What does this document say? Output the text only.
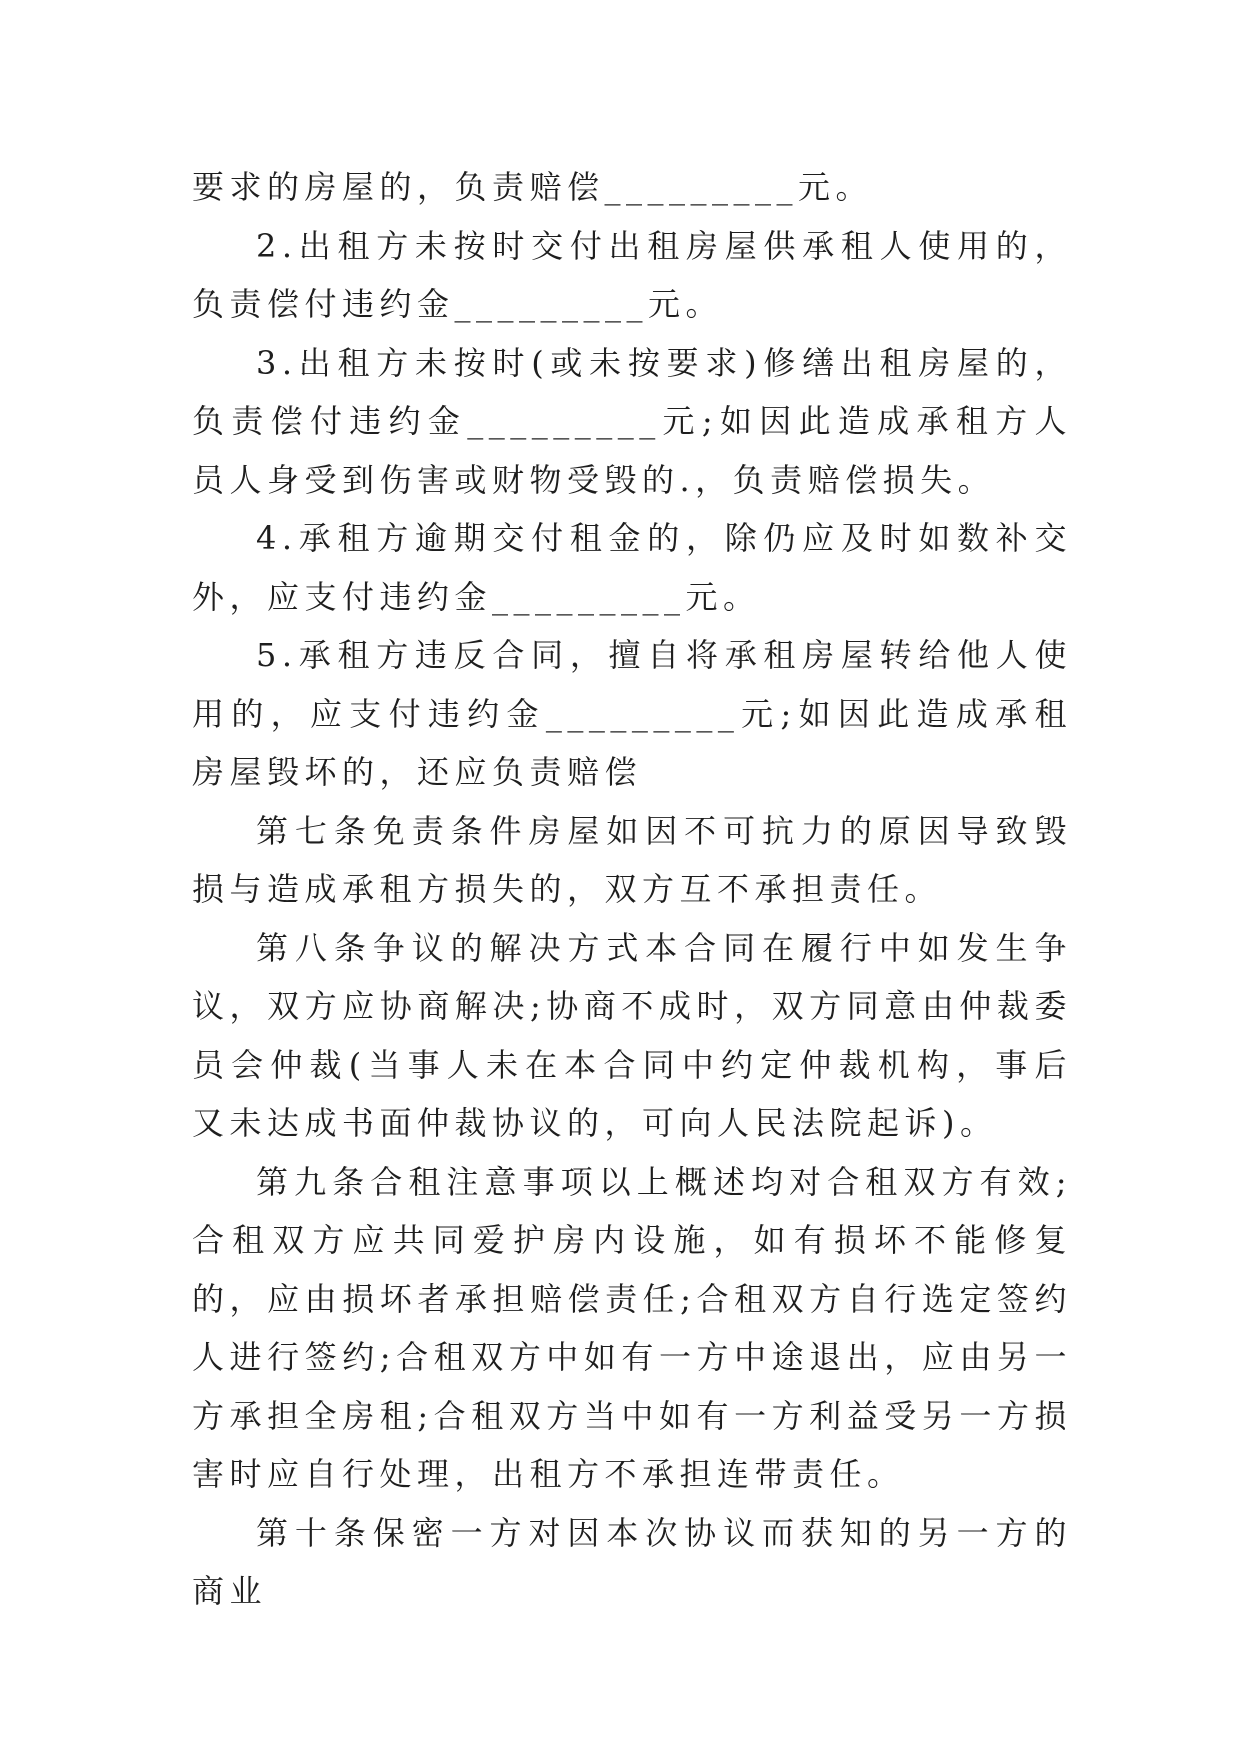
要求的房屋的，负责赔偿_________元。

2.出租方未按时交付出租房屋供承租人使用的，负责偿付违约金_________元。

3.出租方未按时(或未按要求)修缮出租房屋的，负责偿付违约金_________元;如因此造成承租方人员人身受到伤害或财物受毁的.，负责赔偿损失。

4.承租方逾期交付租金的，除仍应及时如数补交外，应支付违约金_________元。

5.承租方违反合同，擅自将承租房屋转给他人使用的，应支付违约金_________元;如因此造成承租房屋毁坏的，还应负责赔偿

第七条免责条件房屋如因不可抗力的原因导致毁损与造成承租方损失的，双方互不承担责任。

第八条争议的解决方式本合同在履行中如发生争议，双方应协商解决;协商不成时，双方同意由仲裁委员会仲裁(当事人未在本合同中约定仲裁机构，事后又未达成书面仲裁协议的，可向人民法院起诉)。

第九条合租注意事项以上概述均对合租双方有效;合租双方应共同爱护房内设施，如有损坏不能修复的，应由损坏者承担赔偿责任;合租双方自行选定签约人进行签约;合租双方中如有一方中途退出，应由另一方承担全房租;合租双方当中如有一方利益受另一方损害时应自行处理，出租方不承担连带责任。

第十条保密一方对因本次协议而获知的另一方的商业
